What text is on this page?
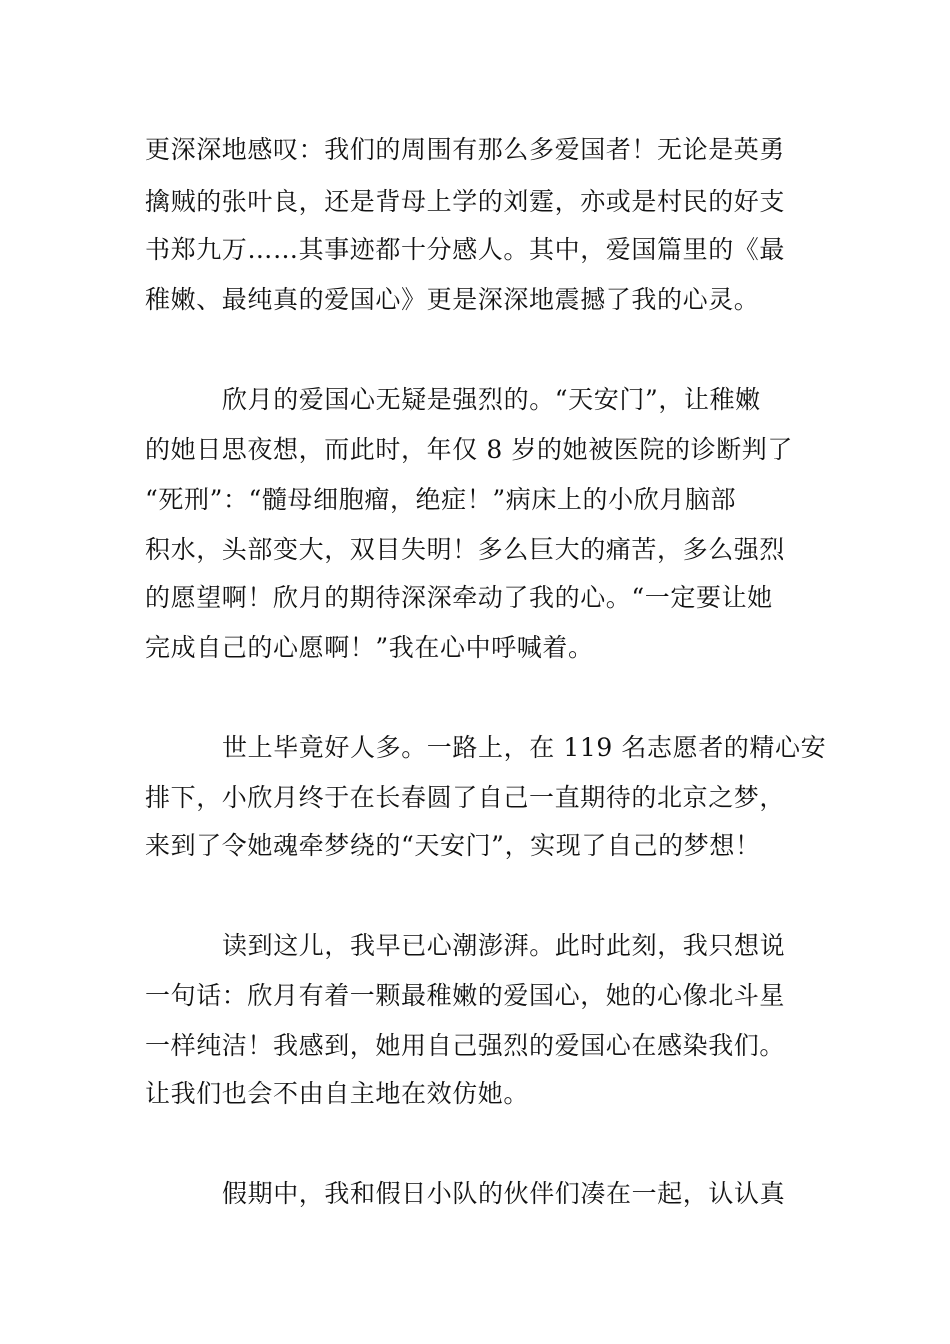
更深深地感叹：我们的周围有那么多爱国者！无论是英勇
擒贼的张叶良，还是背母上学的刘霆，亦或是村民的好支
书郑九万……其事迹都十分感人。其中，爱国篇里的《最
稚嫩、最纯真的爱国心》更是深深地震撼了我的心灵。
欣月的爱国心无疑是强烈的。“天安门”，让稚嫩
的她日思夜想，而此时，年仅 8 岁的她被医院的诊断判了
“死刑”：“髓母细胞瘤，绝症！”病床上的小欣月脑部
积水，头部变大，双目失明！多么巨大的痛苦，多么强烈
的愿望啊！欣月的期待深深牵动了我的心。“一定要让她
完成自己的心愿啊！”我在心中呼喊着。
世上毕竟好人多。一路上，在 119 名志愿者的精心安
排下，小欣月终于在长春圆了自己一直期待的北京之梦，
来到了令她魂牵梦绕的“天安门”，实现了自己的梦想！
读到这儿，我早已心潮澎湃。此时此刻，我只想说
一句话：欣月有着一颗最稚嫩的爱国心，她的心像北斗星
一样纯洁！我感到，她用自己强烈的爱国心在感染我们。
让我们也会不由自主地在效仿她。
假期中，我和假日小队的伙伴们凑在一起，认认真
